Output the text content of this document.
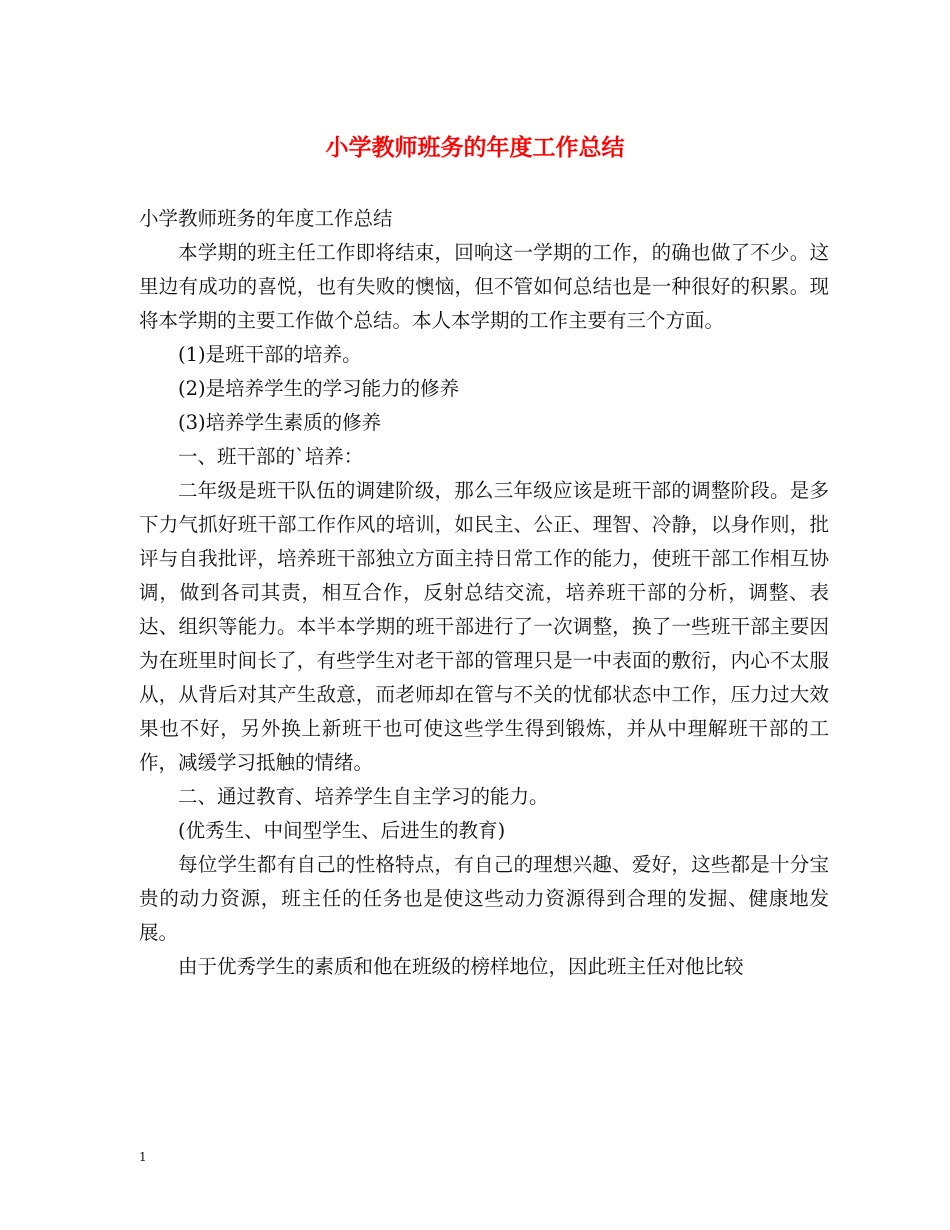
小学教师班务的年度工作总结

小学教师班务的年度工作总结

本学期的班主任工作即将结束，回响这一学期的工作，的确也做了不少。这里边有成功的喜悦，也有失败的懊恼，但不管如何总结也是一种很好的积累。现将本学期的主要工作做个总结。本人本学期的工作主要有三个方面。

(1)是班干部的培养。

(2)是培养学生的学习能力的修养

(3)培养学生素质的修养

一、班干部的`培养：

二年级是班干队伍的调建阶级，那么三年级应该是班干部的调整阶段。是多下力气抓好班干部工作作风的培训，如民主、公正、理智、冷静，以身作则，批评与自我批评，培养班干部独立方面主持日常工作的能力，使班干部工作相互协调，做到各司其责，相互合作，反射总结交流，培养班干部的分析，调整、表达、组织等能力。本半本学期的班干部进行了一次调整，换了一些班干部主要因为在班里时间长了，有些学生对老干部的管理只是一中表面的敷衍，内心不太服从，从背后对其产生敌意，而老师却在管与不关的忧郁状态中工作，压力过大效果也不好，另外换上新班干也可使这些学生得到锻炼，并从中理解班干部的工作，减缓学习抵触的情绪。

二、通过教育、培养学生自主学习的能力。

(优秀生、中间型学生、后进生的教育)

每位学生都有自己的性格特点，有自己的理想兴趣、爱好，这些都是十分宝贵的动力资源，班主任的任务也是使这些动力资源得到合理的发掘、健康地发展。

由于优秀学生的素质和他在班级的榜样地位，因此班主任对他比较

1
